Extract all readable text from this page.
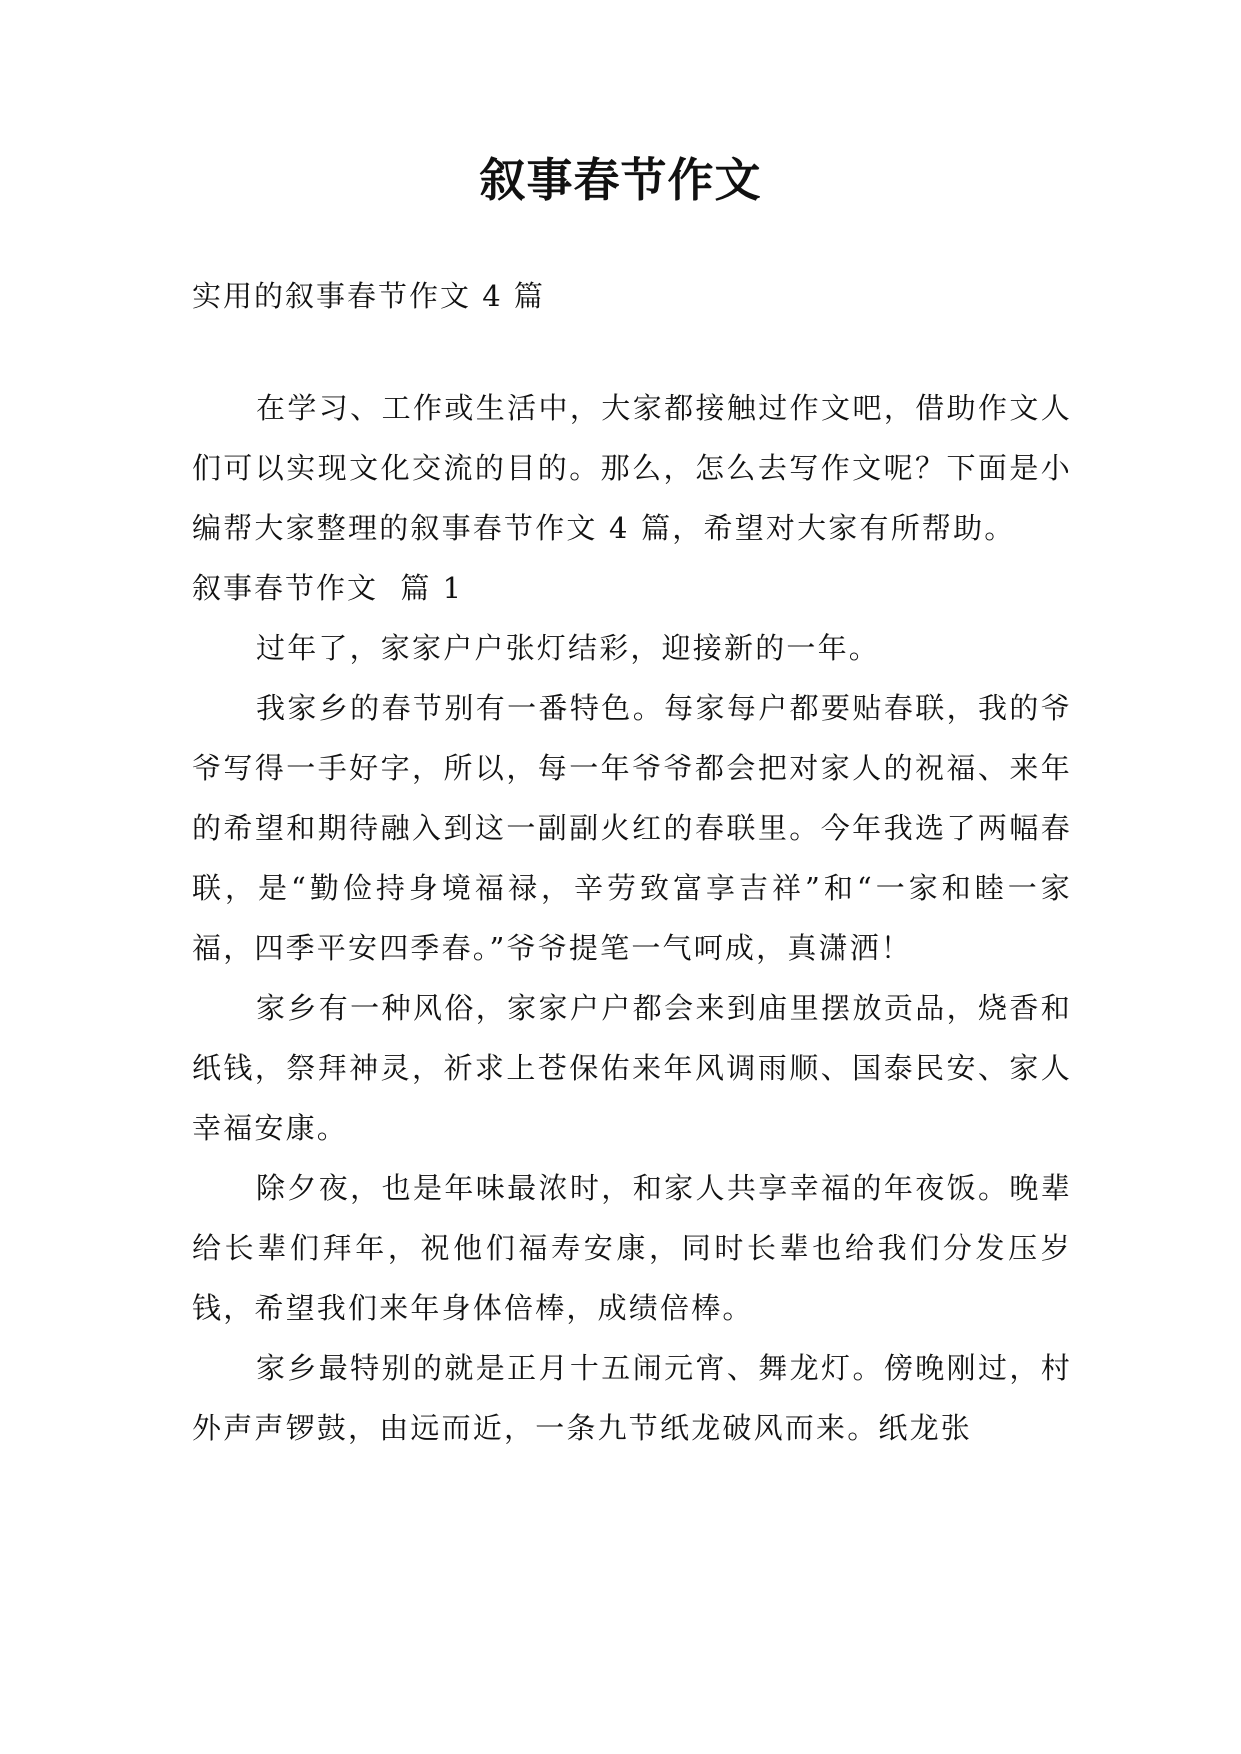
叙事春节作文

实用的叙事春节作文 4 篇

在学习、工作或生活中，大家都接触过作文吧，借助作文人们可以实现文化交流的目的。那么，怎么去写作文呢？下面是小编帮大家整理的叙事春节作文 4 篇，希望对大家有所帮助。

叙事春节作文  篇 1

过年了，家家户户张灯结彩，迎接新的一年。

我家乡的春节别有一番特色。每家每户都要贴春联，我的爷爷写得一手好字，所以，每一年爷爷都会把对家人的祝福、来年的希望和期待融入到这一副副火红的春联里。今年我选了两幅春联，是“勤俭持身境福禄，辛劳致富享吉祥”和“一家和睦一家福，四季平安四季春。”爷爷提笔一气呵成，真潇洒！

家乡有一种风俗，家家户户都会来到庙里摆放贡品，烧香和纸钱，祭拜神灵，祈求上苍保佑来年风调雨顺、国泰民安、家人幸福安康。

除夕夜，也是年味最浓时，和家人共享幸福的年夜饭。晚辈给长辈们拜年，祝他们福寿安康，同时长辈也给我们分发压岁钱，希望我们来年身体倍棒，成绩倍棒。

家乡最特别的就是正月十五闹元宵、舞龙灯。傍晚刚过，村外声声锣鼓，由远而近，一条九节纸龙破风而来。纸龙张
